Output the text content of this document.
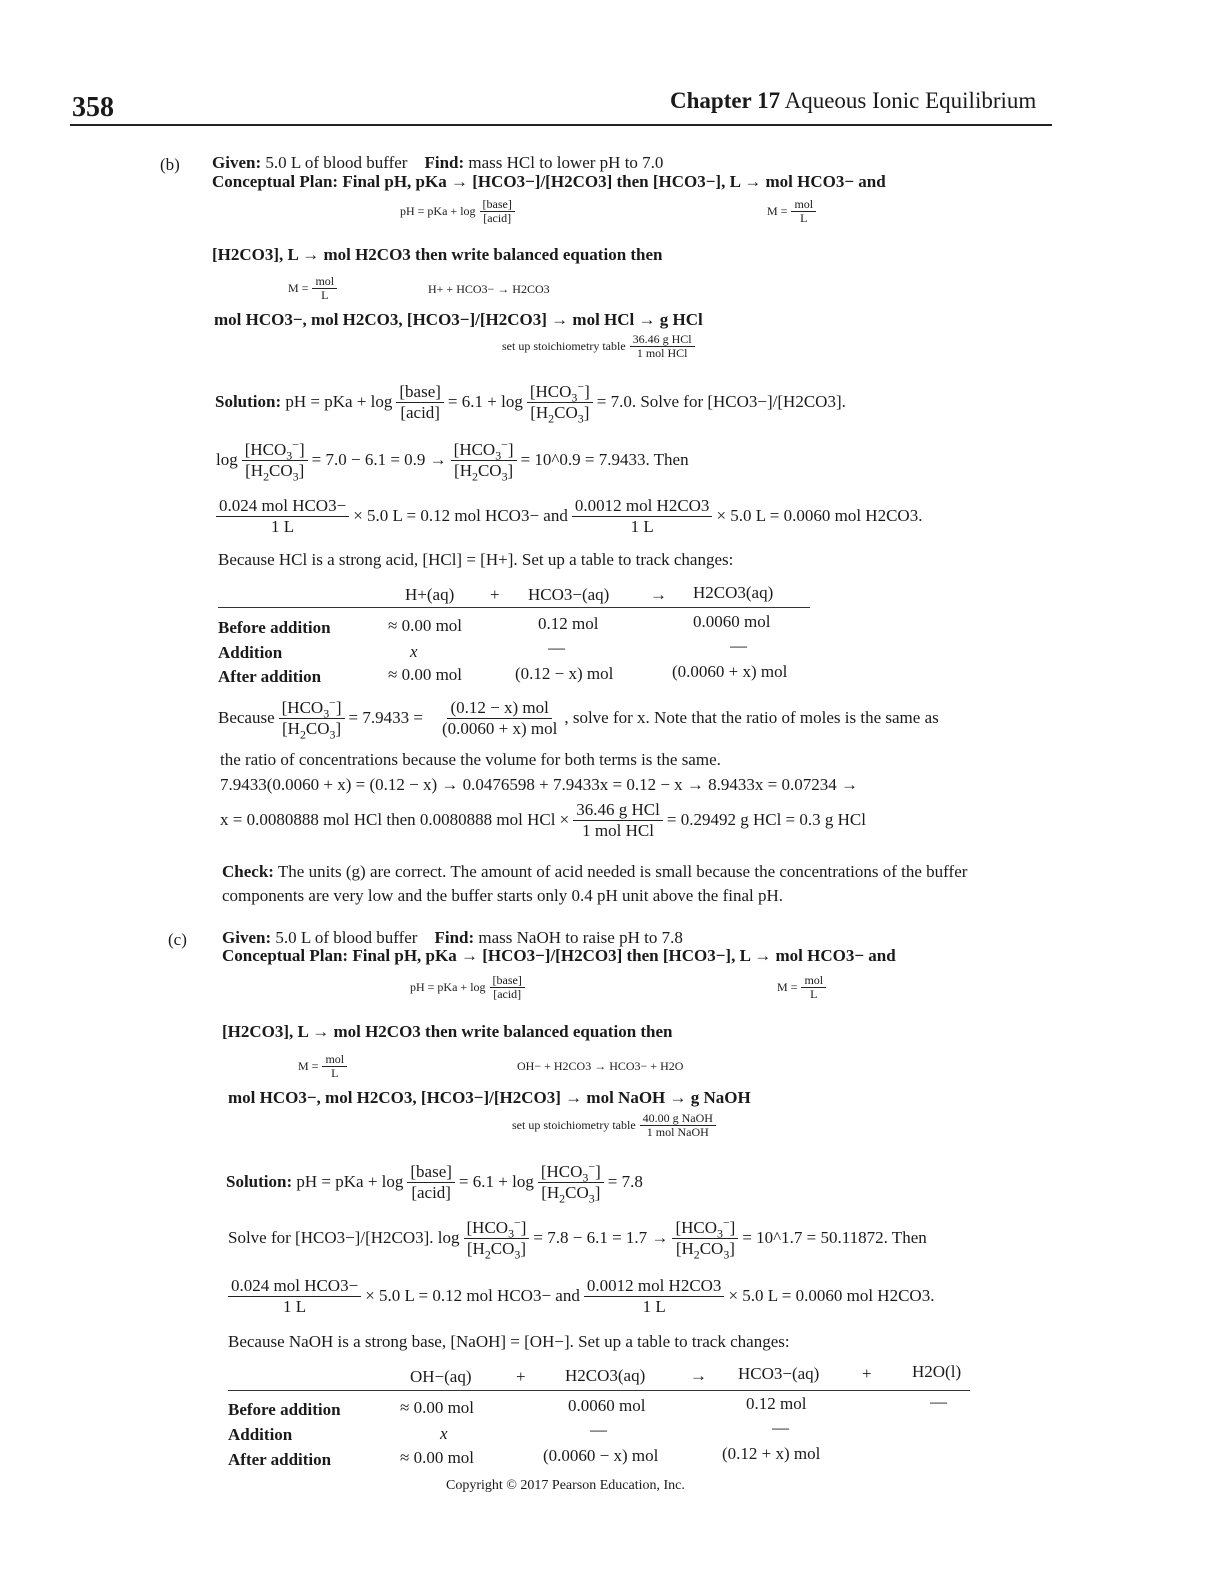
358	Chapter 17 Aqueous Ionic Equilibrium
(b) Given: 5.0 L of blood buffer Find: mass HCl to lower pH to 7.0
Conceptual Plan: Final pH, pKa → [HCO3−]/[H2CO3] then [HCO3−], L → mol HCO3− and
pH = pKa + $\log \frac{\text{[base]}}{\text{[acid]}}$	$M = \frac{\text{mol}}{L}$
[H2CO3], L → mol H2CO3 then write balanced equation then
$M = \frac{\text{mol}}{L}$	H+ + HCO3− → H2CO3
mol HCO3−, mol H2CO3, [HCO3−]/[H2CO3] → mol HCl → g HCl
set up stoichiometry table $\frac{\text{36.46 g HCl}}{\text{1 mol HCl}}$
Solution:
pH = pKa + $\log \frac{\text{[base]}}{\text{[acid]}} = 6.1 + \log \frac{[HCO_3^-]}{[H_2CO_3]} = 7.0$. Solve for [HCO3−]/[H2CO3].
$\log \frac{[HCO_3^-]}{[H_2CO_3]} = 7.0 - 6.1 = 0.9 \to \frac{[HCO_3^-]}{[H_2CO_3]}$ = 10^0.9 = 7.9433. Then
$\frac{\text{0.024 mol HCO3−}}{1 L} \times 5.0$ L = 0.12 mol HCO3− and $\frac{\text{0.0012 mol H2CO3}}{1 L} \times 5.0$ L = 0.0060 mol H2CO3.
Because HCl is a strong acid, [HCl] = [H+]. Set up a table to track changes:
H+(aq) + HCO3−(aq) → H2CO3(aq)
Before addition	≈ 0.00 mol	0.12 mol	0.0060 mol
Addition	x	—	—
After addition	≈ 0.00 mol	(0.12 − x) mol	(0.0060 + x) mol
Because $\frac{[HCO_3^-]}{[H_2CO_3]} = 7.9433 = \frac{\text{(0.12 − x) mol}}{\text{(0.0060 + x) mol}}$ , solve for x. Note that the ratio of moles is the same as
the ratio of concentrations because the volume for both terms is the same.
7.9433(0.0060 + x) = (0.12 − x) → 0.0476598 + 7.9433x = 0.12 − x → 8.9433x = 0.07234 →
x = 0.0080888 mol HCl then 0.0080888 mol HCl × $\frac{\text{36.46 g HCl}}{\text{1 mol HCl}} = 0.29492$ g HCl = 0.3 g HCl
Check: The units (g) are correct. The amount of acid needed is small because the concentrations of the buffer
components are very low and the buffer starts only 0.4 pH unit above the final pH.
(c) Given: 5.0 L of blood buffer Find: mass NaOH to raise pH to 7.8
Conceptual Plan: Final pH, pKa → [HCO3−]/[H2CO3] then [HCO3−], L → mol HCO3− and
pH = pKa + $\log \frac{\text{[base]}}{\text{[acid]}}$	$M = \frac{\text{mol}}{L}$
[H2CO3], L → mol H2CO3 then write balanced equation then
$M = \frac{\text{mol}}{L}$	OH− + H2CO3 → HCO3− + H2O
mol HCO3−, mol H2CO3, [HCO3−]/[H2CO3] → mol NaOH → g NaOH
set up stoichiometry table $\frac{\text{40.00 g NaOH}}{\text{1 mol NaOH}}$
Solution:
pH = pKa + $\log \frac{\text{[base]}}{\text{[acid]}} = 6.1 + \log \frac{[HCO_3^-]}{[H_2CO_3]} = 7.8$
Solve for [HCO3−]/[H2CO3]. $\log \frac{[HCO_3^-]}{[H_2CO_3]} = 7.8 - 6.1 = 1.7 \to \frac{[HCO_3^-]}{[H_2CO_3]}$ = 10^1.7 = 50.11872. Then
$\frac{\text{0.024 mol HCO3−}}{1 L} \times 5.0$ L = 0.12 mol HCO3− and $\frac{\text{0.0012 mol H2CO3}}{1 L} \times 5.0$ L = 0.0060 mol H2CO3.
Because NaOH is a strong base, [NaOH] = [OH−]. Set up a table to track changes:
OH−(aq)	+ H2CO3(aq)	→ HCO3−(aq)	+ H2O(l)
Before addition	≈ 0.00 mol	0.0060 mol	0.12 mol	—
Addition	x	—	—
After addition	≈ 0.00 mol	(0.0060 − x) mol	(0.12 + x) mol
Copyright © 2017 Pearson Education, Inc.
